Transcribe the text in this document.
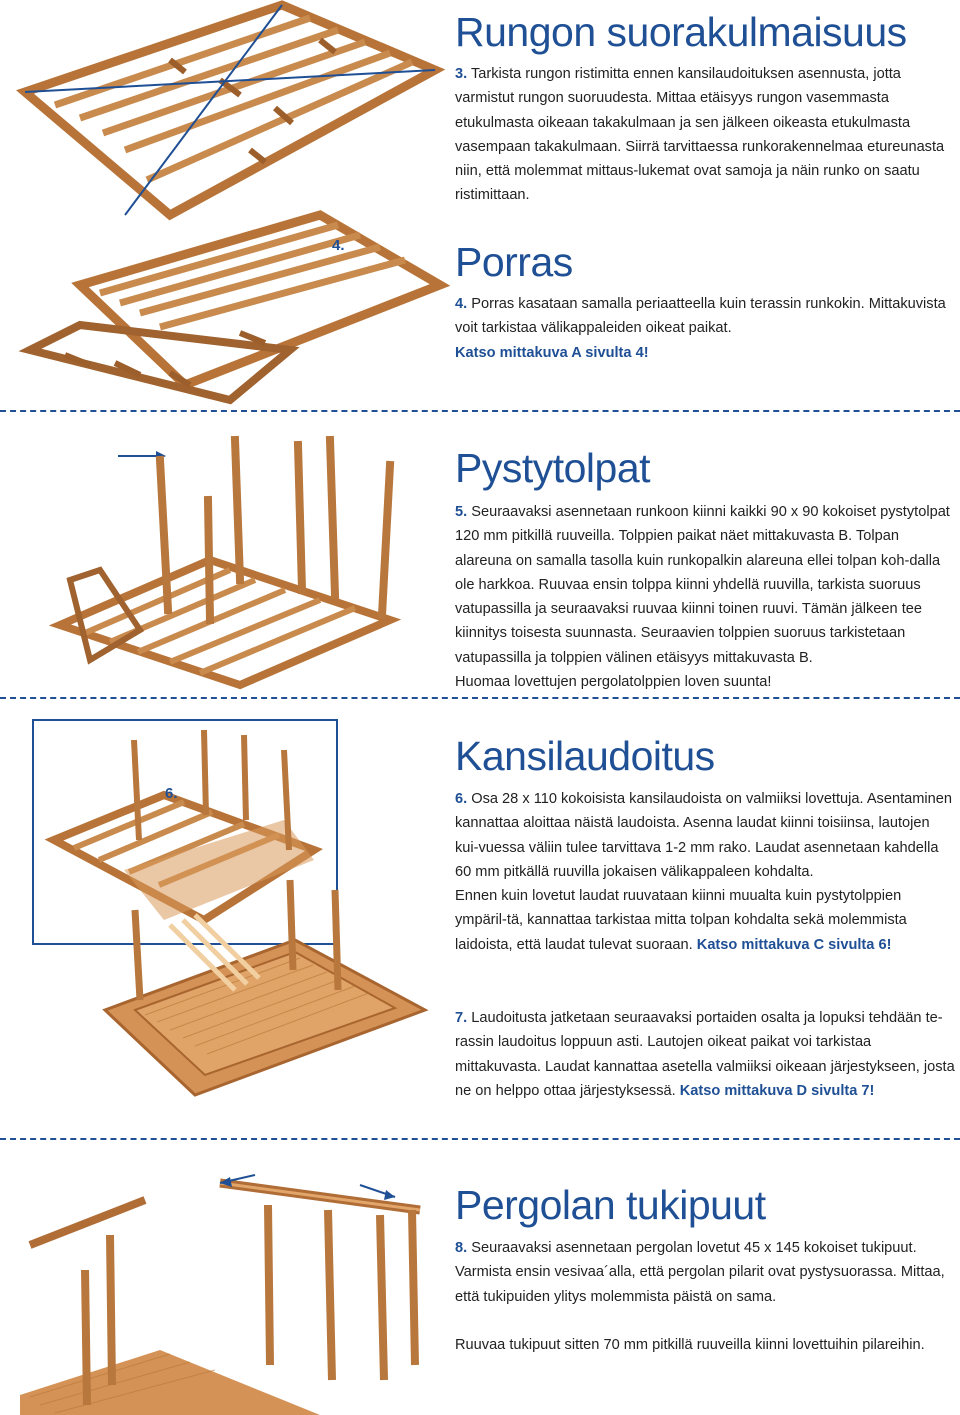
Rungon suorakulmaisuus

3. Tarkista rungon ristimitta ennen kansilaudoituksen asennusta, jotta varmistut rungon suoruudesta. Mittaa etäisyys rungon vasemmasta etukulmasta oikeaan takakulmaan ja sen jälkeen oikeasta etukulmasta vasempaan takakulmaan. Siirrä tarvittaessa runkorakennelmaa etureunasta niin, että molemmat mittaus-lukemat ovat samoja ja näin runko on saatu ristimittaan.

4.	Porras

4. Porras kasataan samalla periaatteella kuin terassin runkokin. Mittakuvista voit tarkistaa välikappaleiden oikeat paikat.
Katso mittakuva A sivulta 4!

Pystytolpat

5. Seuraavaksi asennetaan runkoon kiinni kaikki 90 x 90 kokoiset pystytolpat 120 mm pitkillä ruuveilla. Tolppien paikat näet mittakuvasta B. Tolpan alareuna on samalla tasolla kuin runkopalkin alareuna ellei tolpan koh-dalla ole harkkoa. Ruuvaa ensin tolppa kiinni yhdellä ruuvilla, tarkista suoruus vatupassilla ja seuraavaksi ruuvaa kiinni toinen ruuvi. Tämän jälkeen tee kiinnitys toisesta suunnasta. Seuraavien tolppien suoruus tarkistetaan vatupassilla ja tolppien välinen etäisyys mittakuvasta B.
Huomaa lovettujen pergolatolppien loven suunta!

6.
Kansilaudoitus

6. Osa 28 x 110 kokoisista kansilaudoista on valmiiksi lovettuja. Asentaminen kannattaa aloittaa näistä laudoista. Asenna laudat kiinni toisiinsa, lautojen kui-vuessa väliin tulee tarvittava 1-2 mm rako. Laudat asennetaan kahdella 60 mm pitkällä ruuvilla jokaisen välikappaleen kohdalta.
Ennen kuin lovetut laudat ruuvataan kiinni muualta kuin pystytolppien ympäril-tä, kannattaa tarkistaa mitta tolpan kohdalta sekä molemmista laidoista, että laudat tulevat suoraan. Katso mittakuva C sivulta 6!

7. Laudoitusta jatketaan seuraavaksi portaiden osalta ja lopuksi tehdään te-rassin laudoitus loppuun asti. Lautojen oikeat paikat voi tarkistaa mittakuvasta. Laudat kannattaa asetella valmiiksi oikeaan järjestykseen, josta ne on helppo ottaa järjestyksessä. Katso mittakuva D sivulta 7!

Pergolan tukipuut

8. Seuraavaksi asennetaan pergolan lovetut 45 x 145 kokoiset tukipuut. Varmista ensin vesivaa´alla, että pergolan pilarit ovat pystysuorassa. Mittaa, että tukipuiden ylitys molemmista päistä on sama.

Ruuvaa tukipuut sitten 70 mm pitkillä ruuveilla kiinni lovettuihin pilareihin.
